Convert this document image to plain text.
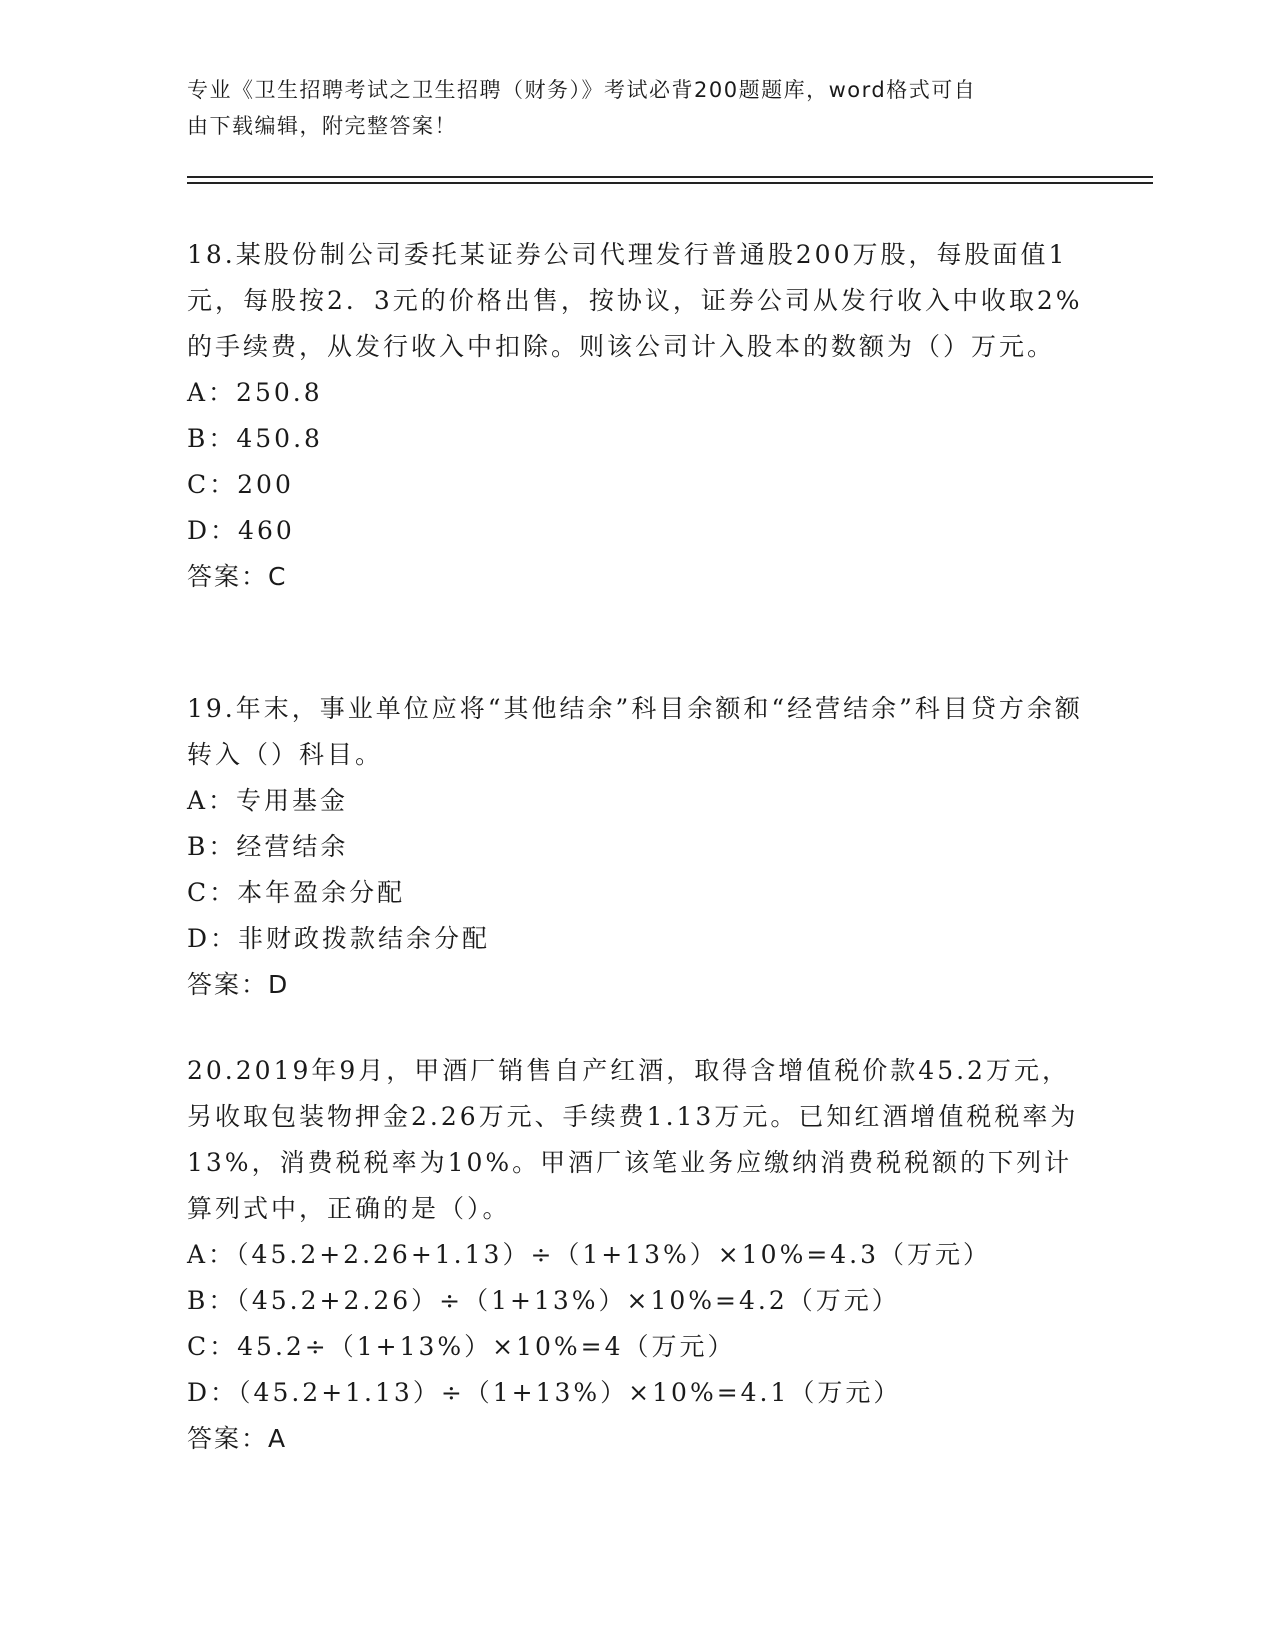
专业《卫生招聘考试之卫生招聘（财务）》考试必背200题题库，word格式可自
由下载编辑，附完整答案！

18.某股份制公司委托某证券公司代理发行普通股200万股，每股面值1元，每股按2．3元的价格出售，按协议，证券公司从发行收入中收取2%的手续费，从发行收入中扣除。则该公司计入股本的数额为（）万元。

A：250.8

B：450.8

C：200

D：460

答案：C

19.年末，事业单位应将“其他结余”科目余额和“经营结余”科目贷方余额转入（）科目。

A：专用基金

B：经营结余

C：本年盈余分配

D：非财政拨款结余分配

答案：D

20.2019年9月，甲酒厂销售自产红酒，取得含增值税价款45.2万元，另收取包装物押金2.26万元、手续费1.13万元。已知红酒增值税税率为13%，消费税税率为10%。甲酒厂该笔业务应缴纳消费税税额的下列计算列式中，正确的是（）。

A：（45.2+2.26+1.13）÷（1+13%）×10%=4.3（万元）

B：（45.2+2.26）÷（1+13%）×10%=4.2（万元）

C：45.2÷（1+13%）×10%=4（万元）

D：（45.2+1.13）÷（1+13%）×10%=4.1（万元）

答案：A
